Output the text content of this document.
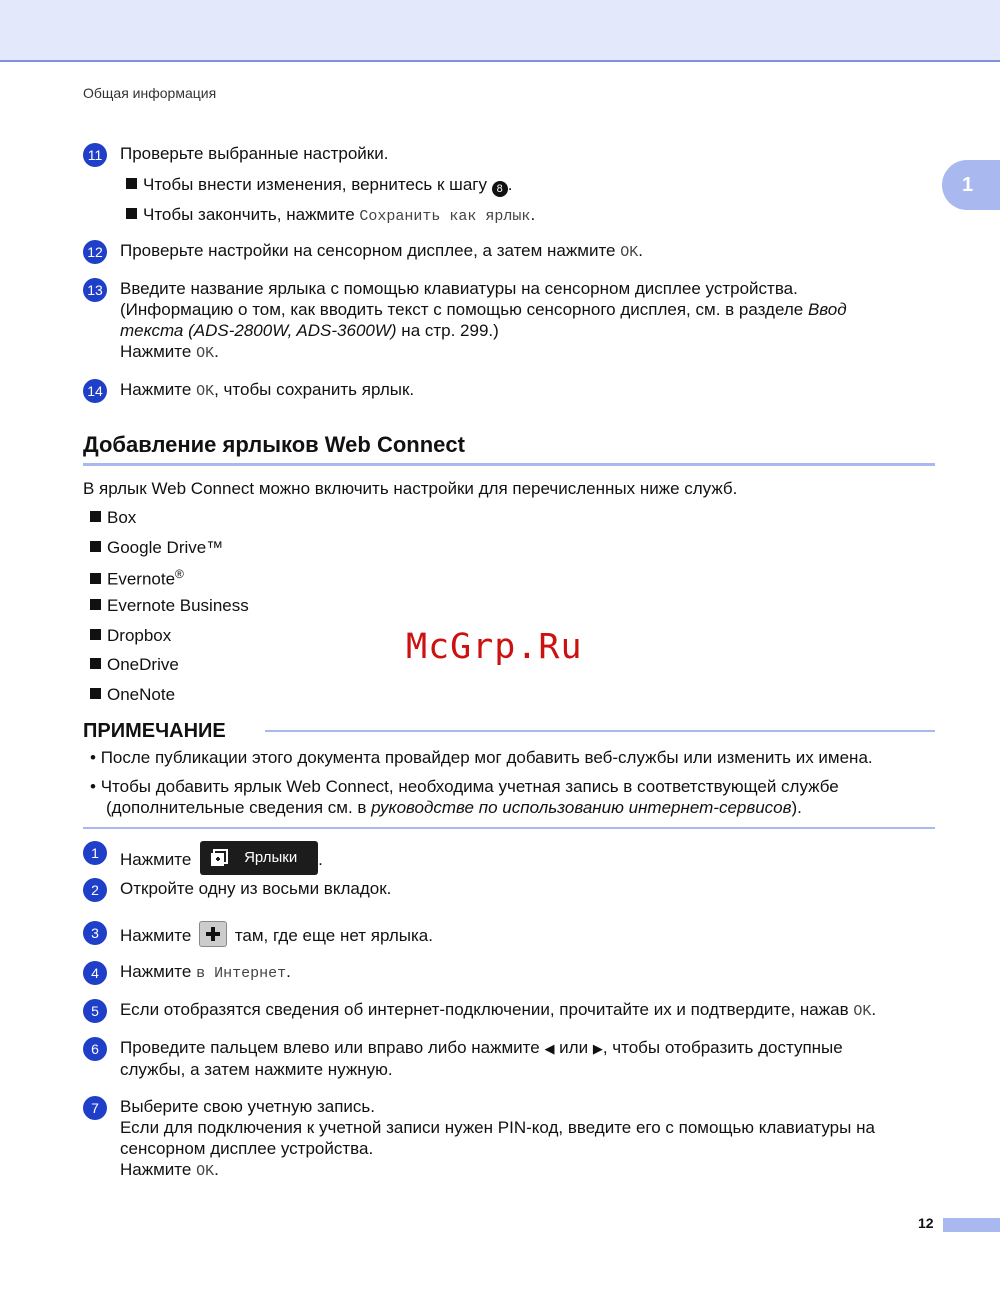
Общая информация
1
11 Проверьте выбранные настройки.
Чтобы внести изменения, вернитесь к шагу 8 .
Чтобы закончить, нажмите Сохранить как ярлык.
12 Проверьте настройки на сенсорном дисплее, а затем нажмите OK.
13 Введите название ярлыка с помощью клавиатуры на сенсорном дисплее устройства.
(Информацию о том, как вводить текст с помощью сенсорного дисплея, см. в разделе Ввод
текста (ADS-2800W, ADS-3600W) на стр. 299.)
Нажмите OK.
14 Нажмите OK, чтобы сохранить ярлык.
Добавление ярлыков Web Connect
В ярлык Web Connect можно включить настройки для перечисленных ниже служб.
Box
Google Drive™
Evernote®
Evernote Business
Dropbox
OneDrive
OneNote
McGrp.Ru
ПРИМЕЧАНИЕ
• После публикации этого документа провайдер мог добавить веб-службы или изменить их имена.
• Чтобы добавить ярлык Web Connect, необходима учетная запись в соответствующей службе
(дополнительные сведения см. в руководстве по использованию интернет-сервисов).
1	Нажмите	Ярлыки .
2	Откройте одну из восьми вкладок.
3	Нажмите	там, где еще нет ярлыка.
4	Нажмите в Интернет.
5	Если отобразятся сведения об интернет-подключении, прочитайте их и подтвердите, нажав OK.
6	Проведите пальцем влево или вправо либо нажмите ◀ или ▶, чтобы отобразить доступные
службы, а затем нажмите нужную.
7	Выберите свою учетную запись.
Если для подключения к учетной записи нужен PIN-код, введите его с помощью клавиатуры на
сенсорном дисплее устройства.
Нажмите OK.
12
